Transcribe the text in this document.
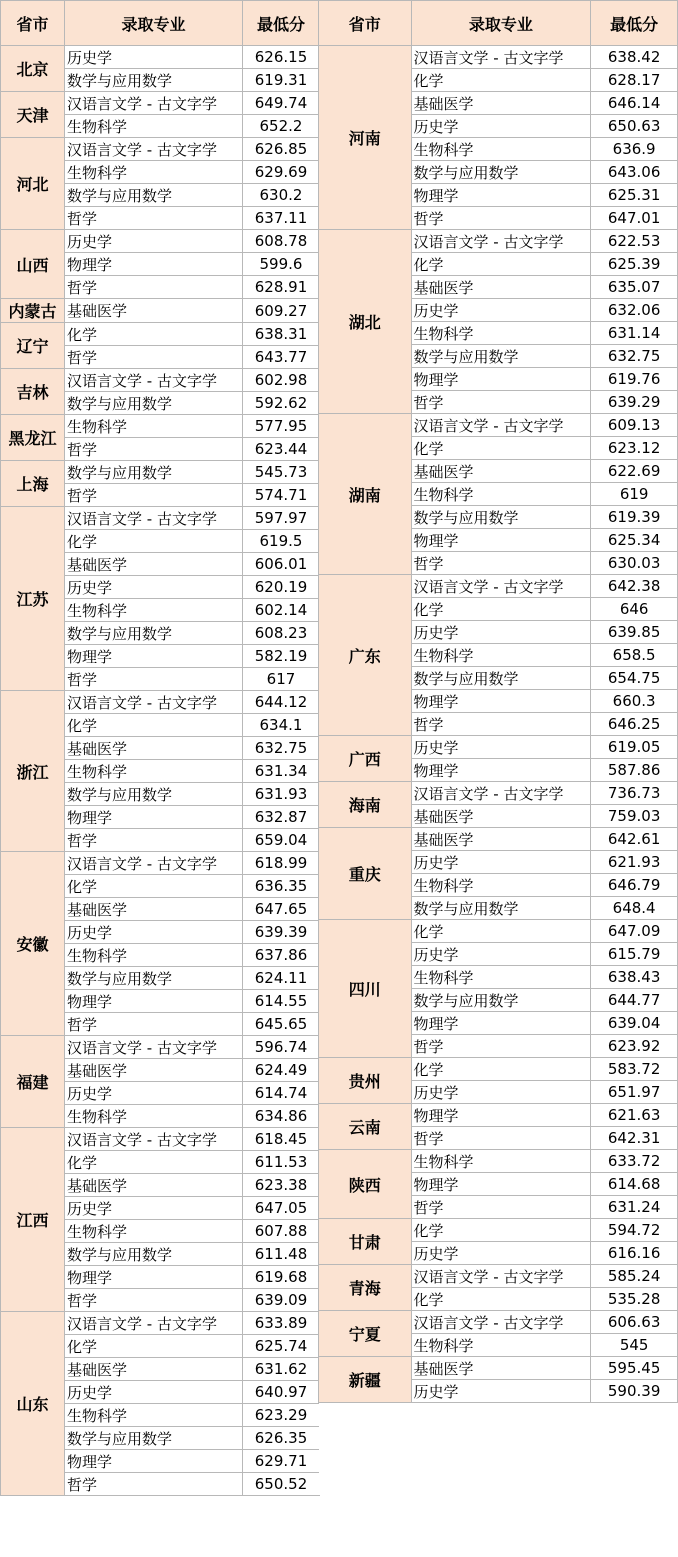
省市	录取专业	最低分
北京	历史学	626.15
	数学与应用数学	619.31
天津	汉语言文学 - 古文字学	649.74
	生物科学	652.2
河北	汉语言文学 - 古文字学	626.85
	生物科学	629.69
	数学与应用数学	630.2
	哲学	637.11
山西	历史学	608.78
	物理学	599.6
	哲学	628.91
内蒙古	基础医学	609.27
辽宁	化学	638.31
	哲学	643.77
吉林	汉语言文学 - 古文字学	602.98
	数学与应用数学	592.62
黑龙江	生物科学	577.95
	哲学	623.44
上海	数学与应用数学	545.73
	哲学	574.71
江苏	汉语言文学 - 古文字学	597.97
	化学	619.5
	基础医学	606.01
	历史学	620.19
	生物科学	602.14
	数学与应用数学	608.23
	物理学	582.19
	哲学	617
浙江	汉语言文学 - 古文字学	644.12
	化学	634.1
	基础医学	632.75
	生物科学	631.34
	数学与应用数学	631.93
	物理学	632.87
	哲学	659.04
安徽	汉语言文学 - 古文字学	618.99
	化学	636.35
	基础医学	647.65
	历史学	639.39
	生物科学	637.86
	数学与应用数学	624.11
	物理学	614.55
	哲学	645.65
福建	汉语言文学 - 古文字学	596.74
	基础医学	624.49
	历史学	614.74
	生物科学	634.86
江西	汉语言文学 - 古文字学	618.45
	化学	611.53
	基础医学	623.38
	历史学	647.05
	生物科学	607.88
	数学与应用数学	611.48
	物理学	619.68
	哲学	639.09
山东	汉语言文学 - 古文字学	633.89
	化学	625.74
	基础医学	631.62
	历史学	640.97
	生物科学	623.29
	数学与应用数学	626.35
	物理学	629.71
	哲学	650.52
省市	录取专业	最低分
河南	汉语言文学 - 古文字学	638.42
	化学	628.17
	基础医学	646.14
	历史学	650.63
	生物科学	636.9
	数学与应用数学	643.06
	物理学	625.31
	哲学	647.01
湖北	汉语言文学 - 古文字学	622.53
	化学	625.39
	基础医学	635.07
	历史学	632.06
	生物科学	631.14
	数学与应用数学	632.75
	物理学	619.76
	哲学	639.29
湖南	汉语言文学 - 古文字学	609.13
	化学	623.12
	基础医学	622.69
	生物科学	619
	数学与应用数学	619.39
	物理学	625.34
	哲学	630.03
广东	汉语言文学 - 古文字学	642.38
	化学	646
	历史学	639.85
	生物科学	658.5
	数学与应用数学	654.75
	物理学	660.3
	哲学	646.25
广西	历史学	619.05
	物理学	587.86
海南	汉语言文学 - 古文字学	736.73
	基础医学	759.03
重庆	基础医学	642.61
	历史学	621.93
	生物科学	646.79
	数学与应用数学	648.4
四川	化学	647.09
	历史学	615.79
	生物科学	638.43
	数学与应用数学	644.77
	物理学	639.04
	哲学	623.92
贵州	化学	583.72
	历史学	651.97
云南	物理学	621.63
	哲学	642.31
陕西	生物科学	633.72
	物理学	614.68
	哲学	631.24
甘肃	化学	594.72
	历史学	616.16
青海	汉语言文学 - 古文字学	585.24
	化学	535.28
宁夏	汉语言文学 - 古文字学	606.63
	生物科学	545
新疆	基础医学	595.45
	历史学	590.39
